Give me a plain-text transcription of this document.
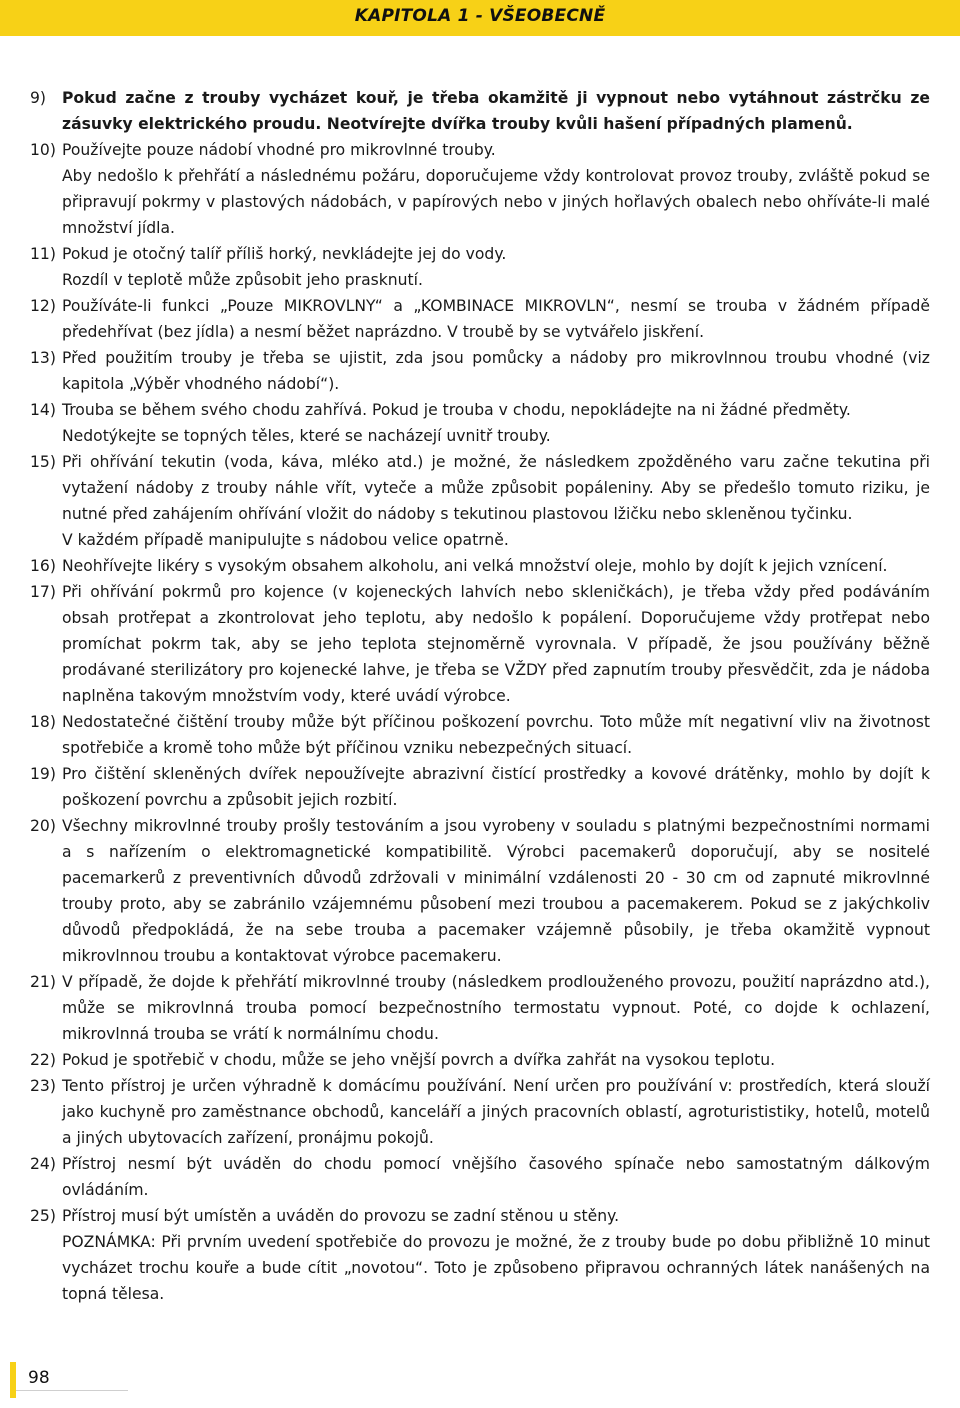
KAPITOLA 1 - VŠEOBECNĚ
9)	Pokud začne z trouby vycházet kouř, je třeba okamžitě ji vypnout nebo vytáhnout zástrčku ze zásuvky elektrického proudu. Neotvírejte dvířka trouby kvůli hašení případných plamenů.

10) Používejte pouze nádobí vhodné pro mikrovlnné trouby.

Aby nedošlo k přehřátí a následnému požáru, doporučujeme vždy kontrolovat provoz trouby, zvláště pokud se připravují pokrmy v plastových nádobách, v papírových nebo v jiných hořlavých obalech nebo ohříváte-li malé množství jídla.

11) Pokud je otočný talíř příliš horký, nevkládejte jej do vody.

Rozdíl v teplotě může způsobit jeho prasknutí.

12) Používáte-li funkci „Pouze MIKROVLNY“ a „KOMBINACE MIKROVLN“, nesmí se trouba v žádném případě předehřívat (bez jídla) a nesmí běžet naprázdno. V troubě by se vytvářelo jiskření.

13) Před použitím trouby je třeba se ujistit, zda jsou pomůcky a nádoby pro mikrovlnnou troubu vhodné (viz kapitola „Výběr vhodného nádobí“).

14) Trouba se během svého chodu zahřívá. Pokud je trouba v chodu, nepokládejte na ni žádné předměty.

Nedotýkejte se topných těles, které se nacházejí uvnitř trouby.

15) Při ohřívání tekutin (voda, káva, mléko atd.) je možné, že následkem zpožděného varu začne tekutina při vytažení nádoby z trouby náhle vřít, vyteče a může způsobit popáleniny. Aby se předešlo tomuto riziku, je nutné před zahájením ohřívání vložit do nádoby s tekutinou plastovou lžičku nebo skleněnou tyčinku.

V každém případě manipulujte s nádobou velice opatrně.

16) Neohřívejte likéry s vysokým obsahem alkoholu, ani velká množství oleje, mohlo by dojít k jejich vznícení.

17) Při ohřívání pokrmů pro kojence (v kojeneckých lahvích nebo skleničkách), je třeba vždy před podáváním obsah protřepat a zkontrolovat jeho teplotu, aby nedošlo k popálení. Doporučujeme vždy protřepat nebo promíchat pokrm tak, aby se jeho teplota stejnoměrně vyrovnala. V případě, že jsou používány běžně prodávané sterilizátory pro kojenecké lahve, je třeba se VŽDY před zapnutím trouby přesvědčit, zda je nádoba naplněna takovým množstvím vody, které uvádí výrobce.

18) Nedostatečné čištění trouby může být příčinou poškození povrchu. Toto může mít negativní vliv na životnost spotřebiče a kromě toho může být příčinou vzniku nebezpečných situací.

19) Pro čištění skleněných dvířek nepoužívejte abrazivní čistící prostředky a kovové drátěnky, mohlo by dojít k poškození povrchu a způsobit jejich rozbití.

20) Všechny mikrovlnné trouby prošly testováním a jsou vyrobeny v souladu s platnými bezpečnostními normami a s nařízením o elektromagnetické kompatibilitě. Výrobci pacemakerů doporučují, aby se nositelé pacemarkerů z preventivních důvodů zdržovali v minimální vzdálenosti 20 - 30 cm od zapnuté mikrovlnné trouby proto, aby se zabránilo vzájemnému působení mezi troubou a pacemakerem. Pokud se z jakýchkoliv důvodů předpokládá, že na sebe trouba a pacemaker vzájemně působily, je třeba okamžitě vypnout mikrovlnnou troubu a kontaktovat výrobce pacemakeru.

21) V případě, že dojde k přehřátí mikrovlnné trouby (následkem prodlouženého provozu, použití naprázdno atd.), může se mikrovlnná trouba pomocí bezpečnostního termostatu vypnout. Poté, co dojde k ochlazení, mikrovlnná trouba se vrátí k normálnímu chodu.

22) Pokud je spotřebič v chodu, může se jeho vnější povrch a dvířka zahřát na vysokou teplotu.

23) Tento přístroj je určen výhradně k domácímu používání. Není určen pro používání v: prostředích, která slouží jako kuchyně pro zaměstnance obchodů, kanceláří a jiných pracovních oblastí, agroturististiky, hotelů, motelů a jiných ubytovacích zařízení, pronájmu pokojů.

24) Přístroj nesmí být uváděn do chodu pomocí vnějšího časového spínače nebo samostatným dálkovým ovládáním.

25) Přístroj musí být umístěn a uváděn do provozu se zadní stěnou u stěny.

POZNÁMKA: Při prvním uvedení spotřebiče do provozu je možné, že z trouby bude po dobu přibližně 10 minut vycházet trochu kouře a bude cítit „novotou“. Toto je způsobeno připravou ochranných látek nanášených na topná tělesa.

98
